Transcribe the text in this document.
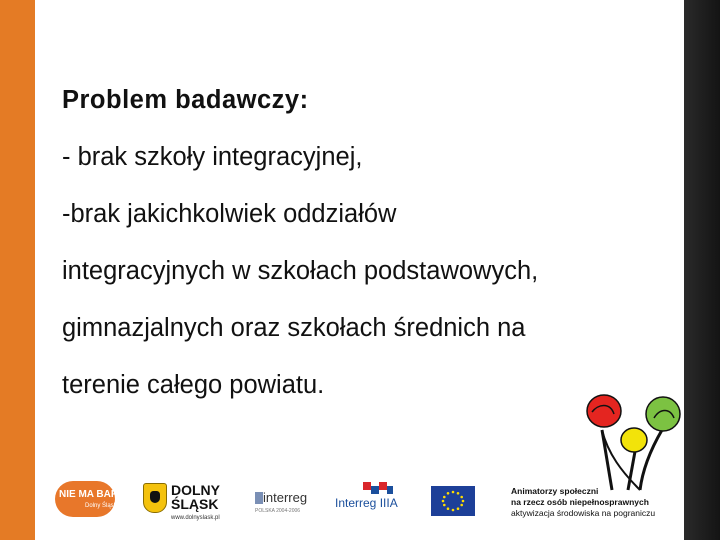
Problem badawczy:
- brak szkoły integracyjnej,
-brak jakichkolwiek oddziałów
integracyjnych w szkołach podstawowych,
gimnazjalnych oraz szkołach średnich na
terenie całego powiatu.
NIE MA BARIER.
Dolny Śląsk
DOLNY
ŚLĄSK
www.dolnyslask.pl
interreg
POLSKA 2004-2006
Interreg IIIA
Animatorzy społeczni
na rzecz osób niepełnosprawnych
aktywizacja środowiska na pograniczu
